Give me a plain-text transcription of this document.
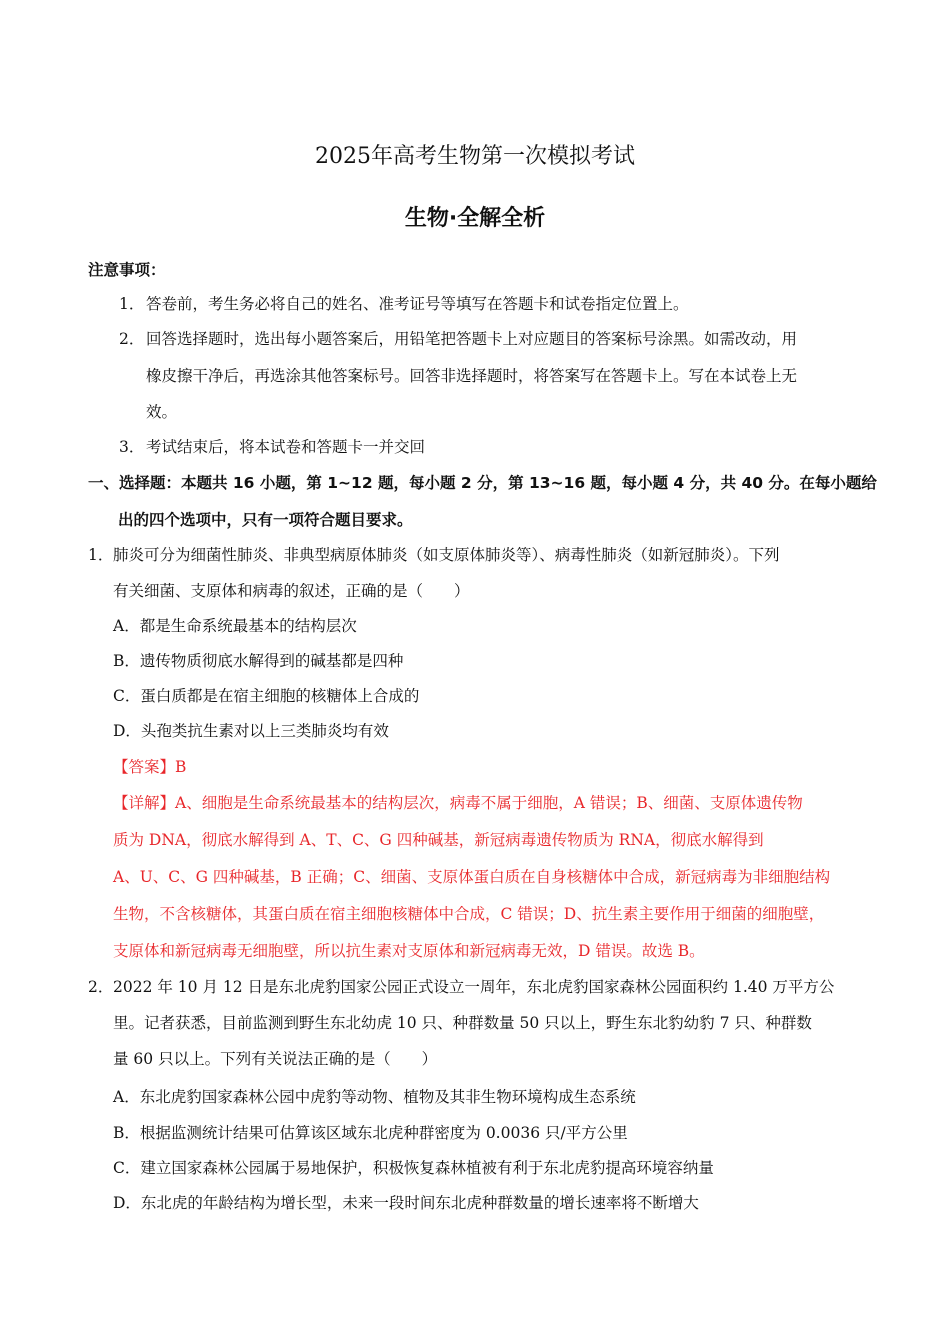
2025年高考生物第一次模拟考试
生物·全解全析
注意事项：
1． 答卷前，考生务必将自己的姓名、准考证号等填写在答题卡和试卷指定位置上。
2． 回答选择题时，选出每小题答案后，用铅笔把答题卡上对应题目的答案标号涂黑。如需改动，用
橡皮擦干净后，再选涂其他答案标号。回答非选择题时，将答案写在答题卡上。写在本试卷上无
效。
3． 考试结束后，将本试卷和答题卡一并交回
一、选择题：本题共 16 小题，第 1~12 题，每小题 2 分，第 13~16 题，每小题 4 分，共 40 分。在每小题给
出的四个选项中，只有一项符合题目要求。
1． 肺炎可分为细菌性肺炎、非典型病原体肺炎（如支原体肺炎等）、病毒性肺炎（如新冠肺炎）。下列
有关细菌、支原体和病毒的叙述，正确的是（　　）
A．都是生命系统最基本的结构层次
B．遗传物质彻底水解得到的碱基都是四种
C．蛋白质都是在宿主细胞的核糖体上合成的
D．头孢类抗生素对以上三类肺炎均有效
【答案】B
【详解】A、细胞是生命系统最基本的结构层次，病毒不属于细胞，A 错误；B、细菌、支原体遗传物
质为 DNA，彻底水解得到 A、T、C、G 四种碱基，新冠病毒遗传物质为 RNA，彻底水解得到
A、U、C、G 四种碱基，B 正确；C、细菌、支原体蛋白质在自身核糖体中合成，新冠病毒为非细胞结构
生物，不含核糖体，其蛋白质在宿主细胞核糖体中合成，C 错误；D、抗生素主要作用于细菌的细胞壁，
支原体和新冠病毒无细胞壁，所以抗生素对支原体和新冠病毒无效，D 错误。故选 B。
2． 2022 年 10 月 12 日是东北虎豹国家公园正式设立一周年，东北虎豹国家森林公园面积约 1.40 万平方公
里。记者获悉，目前监测到野生东北幼虎 10 只、种群数量 50 只以上，野生东北豹幼豹 7 只、种群数
量 60 只以上。下列有关说法正确的是（　　）
A．东北虎豹国家森林公园中虎豹等动物、植物及其非生物环境构成生态系统
B．根据监测统计结果可估算该区域东北虎种群密度为 0.0036 只/平方公里
C．建立国家森林公园属于易地保护，积极恢复森林植被有利于东北虎豹提高环境容纳量
D．东北虎的年龄结构为增长型，未来一段时间东北虎种群数量的增长速率将不断增大
